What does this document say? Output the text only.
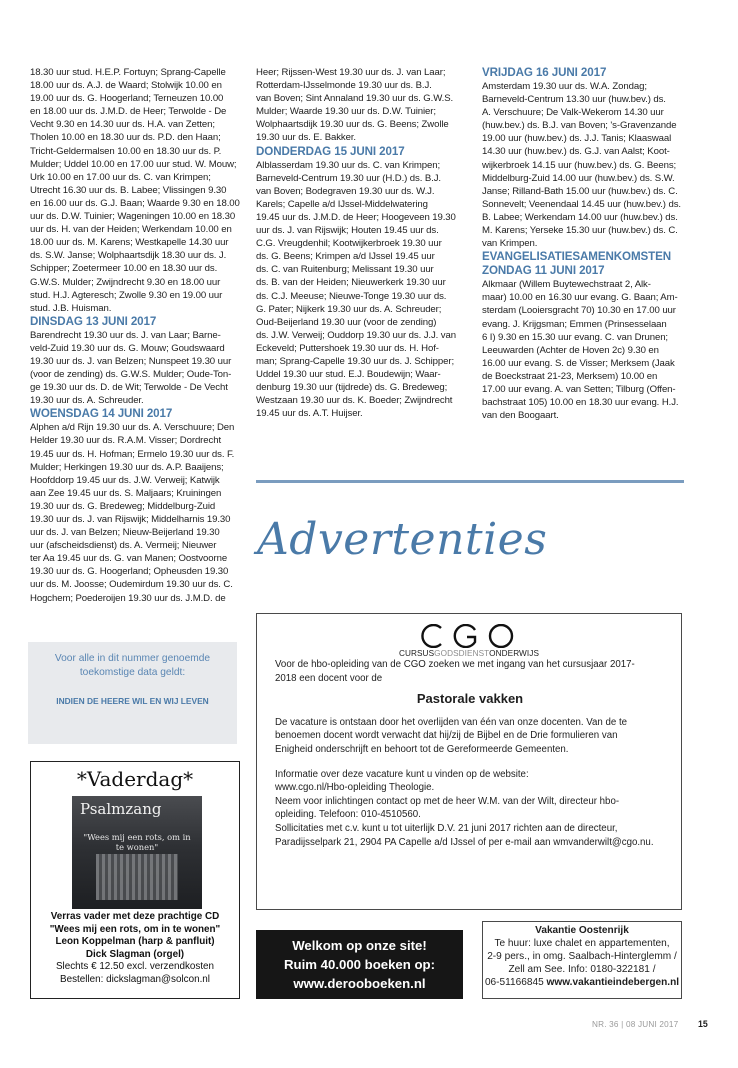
18.30 uur stud. H.E.P. Fortuyn; Sprang-Capelle
18.00 uur ds. A.J. de Waard; Stolwijk 10.00 en
19.00 uur ds. G. Hoogerland; Terneuzen 10.00
en 18.00 uur ds. J.M.D. de Heer; Terwolde - De
Vecht 9.30 en 14.30 uur ds. H.A. van Zetten;
Tholen 10.00 en 18.30 uur ds. P.D. den Haan;
Tricht-Geldermalsen 10.00 en 18.30 uur ds. P.
Mulder; Uddel 10.00 en 17.00 uur stud. W. Mouw;
Urk 10.00 en 17.00 uur ds. C. van Krimpen;
Utrecht 16.30 uur ds. B. Labee; Vlissingen 9.30
en 16.00 uur ds. G.J. Baan; Waarde 9.30 en 18.00
uur ds. D.W. Tuinier; Wageningen 10.00 en 18.30
uur ds. H. van der Heiden; Werkendam 10.00 en
18.00 uur ds. M. Karens; Westkapelle 14.30 uur
ds. S.W. Janse; Wolphaartsdijk 18.30 uur ds. J.
Schipper; Zoetermeer 10.00 en 18.30 uur ds.
G.W.S. Mulder; Zwijndrecht 9.30 en 18.00 uur
stud. H.J. Agteresch; Zwolle 9.30 en 19.00 uur
stud. J.B. Huisman.

DINSDAG 13 JUNI 2017

Barendrecht 19.30 uur ds. J. van Laar; Barne-
veld-Zuid 19.30 uur ds. G. Mouw; Goudswaard
19.30 uur ds. J. van Belzen; Nunspeet 19.30 uur
(voor de zending) ds. G.W.S. Mulder; Oude-Ton-
ge 19.30 uur ds. D. de Wit; Terwolde - De Vecht
19.30 uur ds. A. Schreuder.

WOENSDAG 14 JUNI 2017

Alphen a/d Rijn 19.30 uur ds. A. Verschuure; Den
Helder 19.30 uur ds. R.A.M. Visser; Dordrecht
19.45 uur ds. H. Hofman; Ermelo 19.30 uur ds. F.
Mulder; Herkingen 19.30 uur ds. A.P. Baaijens;
Hoofddorp 19.45 uur ds. J.W. Verweij; Katwijk
aan Zee 19.45 uur ds. S. Maljaars; Kruiningen
19.30 uur ds. G. Bredeweg; Middelburg-Zuid
19.30 uur ds. J. van Rijswijk; Middelharnis 19.30
uur ds. J. van Belzen; Nieuw-Beijerland 19.30
uur (afscheidsdienst) ds. A. Vermeij; Nieuwer
ter Aa 19.45 uur ds. G. van Manen; Oostvoorne
19.30 uur ds. G. Hoogerland; Opheusden 19.30
uur ds. M. Joosse; Oudemirdum 19.30 uur ds. C.
Hogchem; Poederoijen 19.30 uur ds. J.M.D. de

Heer; Rijssen-West 19.30 uur ds. J. van Laar;
Rotterdam-IJsselmonde 19.30 uur ds. B.J.
van Boven; Sint Annaland 19.30 uur ds. G.W.S.
Mulder; Waarde 19.30 uur ds. D.W. Tuinier;
Wolphaartsdijk 19.30 uur ds. G. Beens; Zwolle
19.30 uur ds. E. Bakker.

DONDERDAG 15 JUNI 2017

Alblasserdam 19.30 uur ds. C. van Krimpen;
Barneveld-Centrum 19.30 uur (H.D.) ds. B.J.
van Boven; Bodegraven 19.30 uur ds. W.J.
Karels; Capelle a/d IJssel-Middelwatering
19.45 uur ds. J.M.D. de Heer; Hoogeveen 19.30
uur ds. J. van Rijswijk; Houten 19.45 uur ds.
C.G. Vreugdenhil; Kootwijkerbroek 19.30 uur
ds. G. Beens; Krimpen a/d IJssel 19.45 uur
ds. C. van Ruitenburg; Melissant 19.30 uur
ds. B. van der Heiden; Nieuwerkerk 19.30 uur
ds. C.J. Meeuse; Nieuwe-Tonge 19.30 uur ds.
G. Pater; Nijkerk 19.30 uur ds. A. Schreuder;
Oud-Beijerland 19.30 uur (voor de zending)
ds. J.W. Verweij; Ouddorp 19.30 uur ds. J.J. van
Eckeveld; Puttershoek 19.30 uur ds. H. Hof-
man; Sprang-Capelle 19.30 uur ds. J. Schipper;
Uddel 19.30 uur stud. E.J. Boudewijn; Waar-
denburg 19.30 uur (tijdrede) ds. G. Bredeweg;
Westzaan 19.30 uur ds. K. Boeder; Zwijndrecht
19.45 uur ds. A.T. Huijser.

VRIJDAG 16 JUNI 2017

Amsterdam 19.30 uur ds. W.A. Zondag;
Barneveld-Centrum 13.30 uur (huw.bev.) ds.
A. Verschuure; De Valk-Wekerom 14.30 uur
(huw.bev.) ds. B.J. van Boven; 's-Gravenzande
19.00 uur (huw.bev.) ds. J.J. Tanis; Klaaswaal
14.30 uur (huw.bev.) ds. G.J. van Aalst; Koot-
wijkerbroek 14.15 uur (huw.bev.) ds. G. Beens;
Middelburg-Zuid 14.00 uur (huw.bev.) ds. S.W.
Janse; Rilland-Bath 15.00 uur (huw.bev.) ds. C.
Sonnevelt; Veenendaal 14.45 uur (huw.bev.) ds.
B. Labee; Werkendam 14.00 uur (huw.bev.) ds.
M. Karens; Yerseke 15.30 uur (huw.bev.) ds. C.
van Krimpen.

EVANGELISATIESAMENKOMSTEN

ZONDAG 11 JUNI 2017

Alkmaar (Willem Buytewechstraat 2, Alk-
maar) 10.00 en 16.30 uur evang. G. Baan; Am-
sterdam (Looiersgracht 70) 10.30 en 17.00 uur
evang. J. Krijgsman; Emmen (Prinsesselaan
6 I) 9.30 en 15.30 uur evang. C. van Drunen;
Leeuwarden (Achter de Hoven 2c) 9.30 en
16.00 uur evang. S. de Visser; Merksem (Jaak
de Boeckstraat 21-23, Merksem) 10.00 en
17.00 uur evang. A. van Setten; Tilburg (Offen-
bachstraat 105) 10.00 en 18.30 uur evang. H.J.
van den Boogaart.

Advertenties
Voor alle in dit nummer genoemde toekomstige data geldt:
INDIEN DE HEERE WIL EN WIJ LEVEN
*Vaderdag*
Psalmzang
"Wees mij een rots, om in te wonen"
Verras vader met deze prachtige CD
"Wees mij een rots, om in te wonen"
Leon Koppelman (harp & panfluit)
Dick Slagman (orgel)
Slechts € 12.50 excl. verzendkosten
Bestellen: dickslagman@solcon.nl
CURSUSGODSDIENSTONDERWIJS
Voor de hbo-opleiding van de CGO zoeken we met ingang van het cursusjaar 2017-
2018 een docent voor de
Pastorale vakken
De vacature is ontstaan door het overlijden van één van onze docenten. Van de te
benoemen docent wordt verwacht dat hij/zij de Bijbel en de Drie formulieren van
Enigheid onderschrijft en behoort tot de Gereformeerde Gemeenten.
Informatie over deze vacature kunt u vinden op de website:
www.cgo.nl/Hbo-opleiding Theologie.
Neem voor inlichtingen contact op met de heer W.M. van der Wilt, directeur hbo-
opleiding. Telefoon: 010-4510560.
Sollicitaties met c.v. kunt u tot uiterlijk D.V. 21 juni 2017 richten aan de directeur,
Paradijsselpark 21, 2904 PA Capelle a/d IJssel of per e-mail aan wmvanderwilt@cgo.nu.
Welkom op onze site!
Ruim 40.000 boeken op:
www.derooboeken.nl
Vakantie Oostenrijk
Te huur: luxe chalet en appartementen,
2-9 pers., in omg. Saalbach-Hinterglemm /
Zell am See. Info: 0180-322181 /
06-51166845 www.vakantieindebergen.nl
NR. 36 | 08 JUNI 2017 15
